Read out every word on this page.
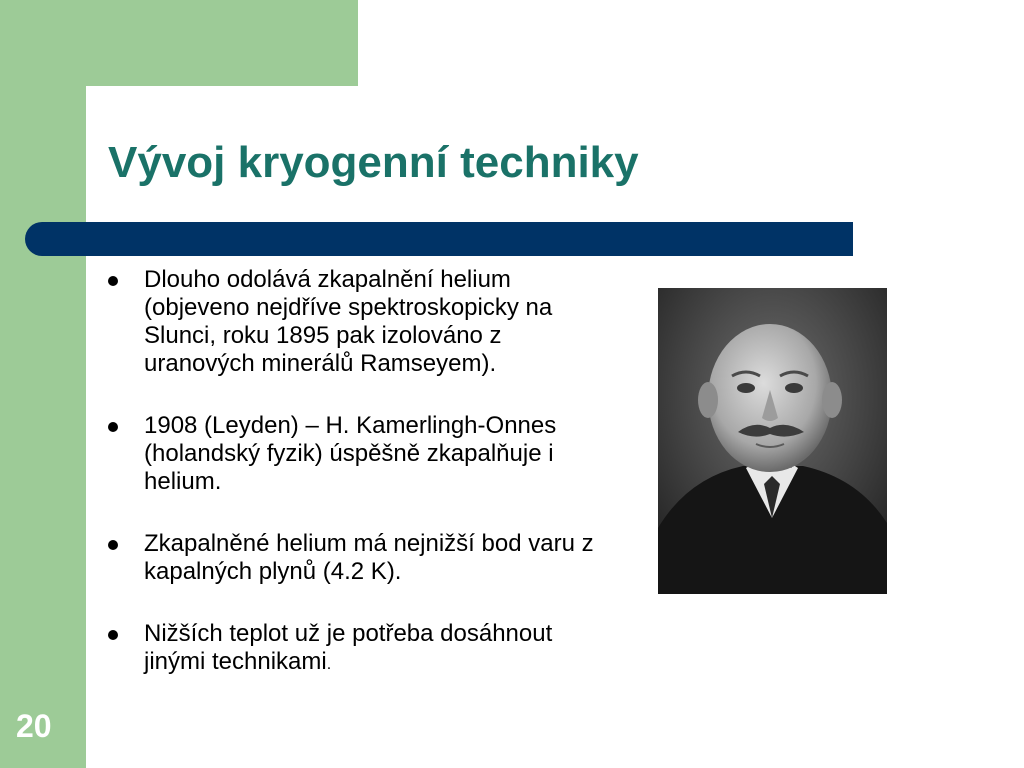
Vývoj kryogenní techniky
Dlouho odolává zkapalnění helium (objeveno nejdříve spektroskopicky na Slunci, roku 1895 pak izolováno z uranových minerálů Ramseyem).
1908 (Leyden) – H. Kamerlingh-Onnes (holandský fyzik) úspěšně zkapalňuje i helium.
Zkapalněné helium má nejnižší bod varu z kapalných plynů (4.2 K).
Nižších teplot už je potřeba dosáhnout jinými technikami.
20
